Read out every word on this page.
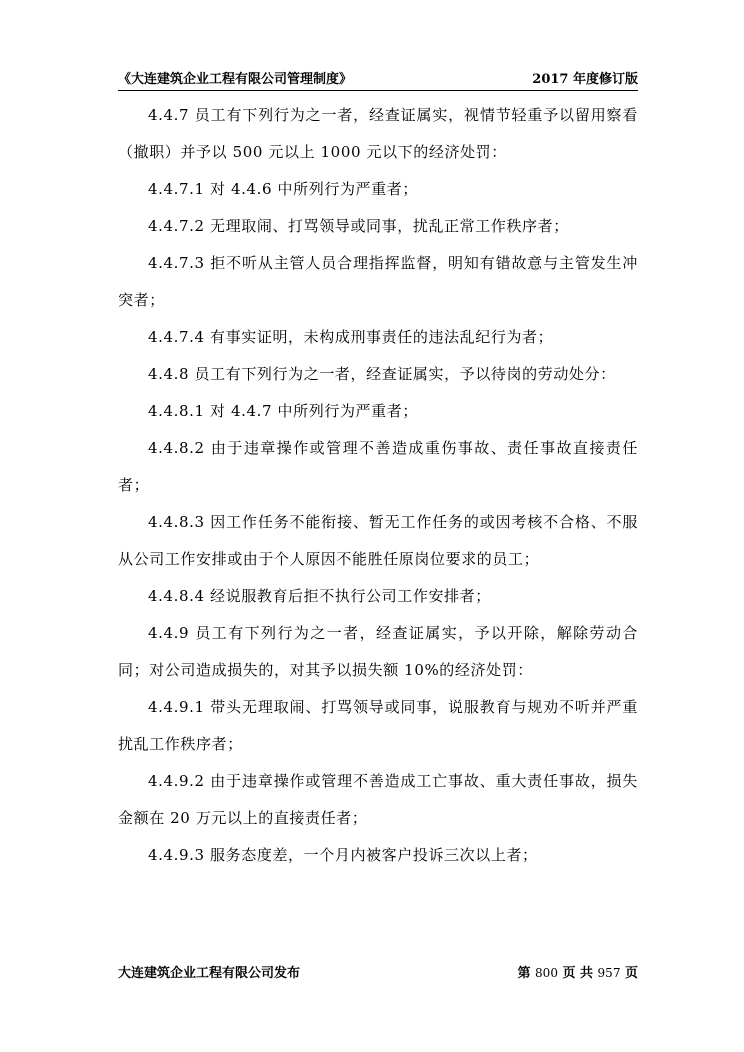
《大连建筑企业工程有限公司管理制度》	2017 年度修订版

4.4.7 员工有下列行为之一者，经查证属实，视情节轻重予以留用察看（撤职）并予以 500 元以上 1000 元以下的经济处罚：

4.4.7.1 对 4.4.6 中所列行为严重者；

4.4.7.2 无理取闹、打骂领导或同事，扰乱正常工作秩序者；

4.4.7.3 拒不听从主管人员合理指挥监督，明知有错故意与主管发生冲突者；

4.4.7.4 有事实证明，未构成刑事责任的违法乱纪行为者；

4.4.8 员工有下列行为之一者，经查证属实，予以待岗的劳动处分：

4.4.8.1 对 4.4.7 中所列行为严重者；

4.4.8.2 由于违章操作或管理不善造成重伤事故、责任事故直接责任者；

4.4.8.3 因工作任务不能衔接、暂无工作任务的或因考核不合格、不服从公司工作安排或由于个人原因不能胜任原岗位要求的员工；

4.4.8.4 经说服教育后拒不执行公司工作安排者；

4.4.9 员工有下列行为之一者，经查证属实，予以开除，解除劳动合同；对公司造成损失的，对其予以损失额 10%的经济处罚：

4.4.9.1 带头无理取闹、打骂领导或同事，说服教育与规劝不听并严重扰乱工作秩序者；

4.4.9.2 由于违章操作或管理不善造成工亡事故、重大责任事故，损失金额在 20 万元以上的直接责任者；

4.4.9.3 服务态度差，一个月内被客户投诉三次以上者；

大连建筑企业工程有限公司发布	第 800 页 共 957 页
